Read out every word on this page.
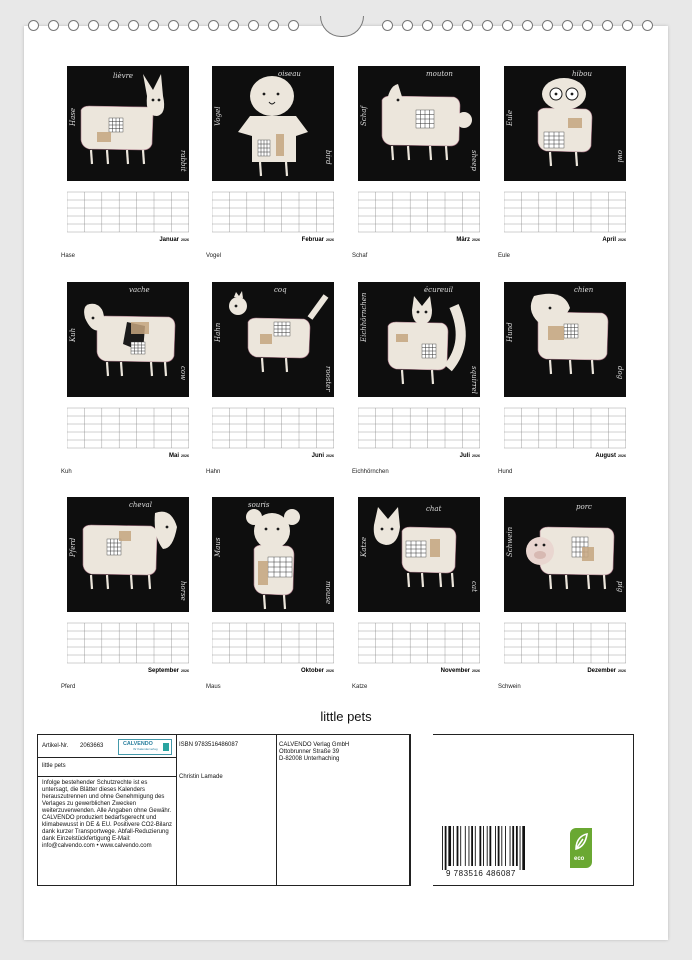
lièvre
Hase
rabbit
Januar 2026
Hase
oiseau
Vogel
bird
Februar 2026
Vogel
mouton
Schaf
sheep
März 2026
Schaf
hibou
Eule
owl
April 2026
Eule
vache
Kuh
cow
Mai 2026
Kuh
coq
Hahn
rooster
Juni 2026
Hahn
écureuil
Eichhörnchen
squirrel
Juli 2026
Eichhörnchen
chien
Hund
dog
August 2026
Hund
cheval
Pferd
horse
September 2026
Pferd
souris
Maus
mouse
Oktober 2026
Maus
chat
Katze
cat
November 2026
Katze
porc
Schwein
pig
Dezember 2026
Schwein
little pets
Artikel-Nr. 2063663	CALVENDO
Ihr Kalenderverlag
little pets
Infolge bestehender Schutzrechte ist es untersagt, die Blätter dieses Kalenders herauszutrennen und ohne Genehmigung des Verlages zu gewerblichen Zwecken weiterzuverwenden. Alle Angaben ohne Gewähr. CALVENDO produziert bedarfsgerecht und klimabewusst in DE & EU. Positivere CO2-Bilanz dank kurzer Transportwege. Abfall-Reduzierung dank Einzelstückfertigung E-Mail: info@calvendo.com • www.calvendo.com
ISBN 9783516486087
Christin Lamade
CALVENDO Verlag GmbH
Ottobrunner Straße 39
D-82008 Unterhaching
9 783516 486087
eco
